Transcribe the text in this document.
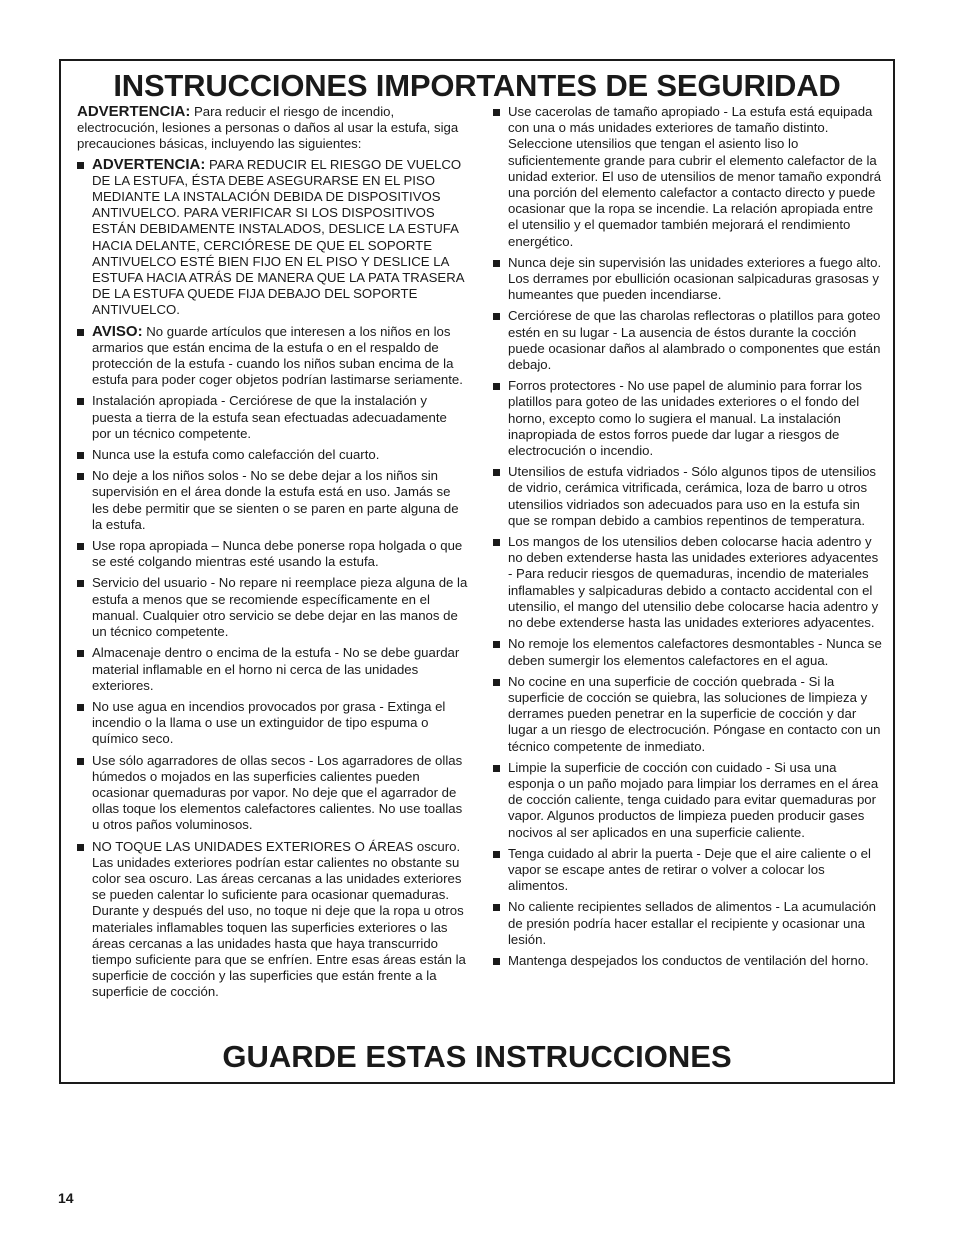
INSTRUCCIONES IMPORTANTES DE SEGURIDAD

ADVERTENCIA: Para reducir el riesgo de incendio, electrocución, lesiones a personas o daños al usar la estufa, siga precauciones básicas, incluyendo las siguientes:

ADVERTENCIA: PARA REDUCIR EL RIESGO DE VUELCO DE LA ESTUFA, ÉSTA DEBE ASEGURARSE EN EL PISO MEDIANTE LA INSTALACIÓN DEBIDA DE DISPOSITIVOS ANTIVUELCO. PARA VERIFICAR SI LOS DISPOSITIVOS ESTÁN DEBIDAMENTE INSTALADOS, DESLICE LA ESTUFA HACIA DELANTE, CERCIÓRESE DE QUE EL SOPORTE ANTIVUELCO ESTÉ BIEN FIJO EN EL PISO Y DESLICE LA ESTUFA HACIA ATRÁS DE MANERA QUE LA PATA TRASERA DE LA ESTUFA QUEDE FIJA DEBAJO DEL SOPORTE ANTIVUELCO.
AVISO: No guarde artículos que interesen a los niños en los armarios que están encima de la estufa o en el respaldo de protección de la estufa - cuando los niños suban encima de la estufa para poder coger objetos podrían lastimarse seriamente.
Instalación apropiada - Cerciórese de que la instalación y puesta a tierra de la estufa sean efectuadas adecuadamente por un técnico competente.
Nunca use la estufa como calefacción del cuarto.
No deje a los niños solos - No se debe dejar a los niños sin supervisión en el área donde la estufa está en uso. Jamás se les debe permitir que se sienten o se paren en parte alguna de la estufa.
Use ropa apropiada – Nunca debe ponerse ropa holgada o que se esté colgando mientras esté usando la estufa.
Servicio del usuario - No repare ni reemplace pieza alguna de la estufa a menos que se recomiende específicamente en el manual. Cualquier otro servicio se debe dejar en las manos de un técnico competente.
Almacenaje dentro o encima de la estufa - No se debe guardar material inflamable en el horno ni cerca de las unidades exteriores.
No use agua en incendios provocados por grasa - Extinga el incendio o la llama o use un extinguidor de tipo espuma o químico seco.
Use sólo agarradores de ollas secos - Los agarradores de ollas húmedos o mojados en las superficies calientes pueden ocasionar quemaduras por vapor. No deje que el agarrador de ollas toque los elementos calefactores calientes. No use toallas u otros paños voluminosos.
NO TOQUE LAS UNIDADES EXTERIORES O ÁREAS oscuro. Las unidades exteriores podrían estar calientes no obstante su color sea oscuro. Las áreas cercanas a las unidades exteriores se pueden calentar lo suficiente para ocasionar quemaduras. Durante y después del uso, no toque ni deje que la ropa u otros materiales inflamables toquen las superficies exteriores o las áreas cercanas a las unidades hasta que haya transcurrido tiempo suficiente para que se enfríen. Entre esas áreas están la superficie de cocción y las superficies que están frente a la superficie de cocción.
Use cacerolas de tamaño apropiado - La estufa está equipada con una o más unidades exteriores de tamaño distinto. Seleccione utensilios que tengan el asiento liso lo suficientemente grande para cubrir el elemento calefactor de la unidad exterior. El uso de utensilios de menor tamaño expondrá una porción del elemento calefactor a contacto directo y puede ocasionar que la ropa se incendie. La relación apropiada entre el utensilio y el quemador también mejorará el rendimiento energético.
Nunca deje sin supervisión las unidades exteriores a fuego alto. Los derrames por ebullición ocasionan salpicaduras grasosas y humeantes que pueden incendiarse.
Cerciórese de que las charolas reflectoras o platillos para goteo estén en su lugar - La ausencia de éstos durante la cocción puede ocasionar daños al alambrado o componentes que están debajo.
Forros protectores - No use papel de aluminio para forrar los platillos para goteo de las unidades exteriores o el fondo del horno, excepto como lo sugiera el manual. La instalación inapropiada de estos forros puede dar lugar a riesgos de electrocución o incendio.
Utensilios de estufa vidriados - Sólo algunos tipos de utensilios de vidrio, cerámica vitrificada, cerámica, loza de barro u otros utensilios vidriados son adecuados para uso en la estufa sin que se rompan debido a cambios repentinos de temperatura.
Los mangos de los utensilios deben colocarse hacia adentro y no deben extenderse hasta las unidades exteriores adyacentes - Para reducir riesgos de quemaduras, incendio de materiales inflamables y salpicaduras debido a contacto accidental con el utensilio, el mango del utensilio debe colocarse hacia adentro y no debe extenderse hasta las unidades exteriores adyacentes.
No remoje los elementos calefactores desmontables - Nunca se deben sumergir los elementos calefactores en el agua.
No cocine en una superficie de cocción quebrada - Si la superficie de cocción se quiebra, las soluciones de limpieza y derrames pueden penetrar en la superficie de cocción y dar lugar a un riesgo de electrocución. Póngase en contacto con un técnico competente de inmediato.
Limpie la superficie de cocción con cuidado - Si usa una esponja o un paño mojado para limpiar los derrames en el área de cocción caliente, tenga cuidado para evitar quemaduras por vapor. Algunos productos de limpieza pueden producir gases nocivos al ser aplicados en una superficie caliente.
Tenga cuidado al abrir la puerta - Deje que el aire caliente o el vapor se escape antes de retirar o volver a colocar los alimentos.
No caliente recipientes sellados de alimentos - La acumulación de presión podría hacer estallar el recipiente y ocasionar una lesión.
Mantenga despejados los conductos de ventilación del horno.
GUARDE ESTAS INSTRUCCIONES
14
